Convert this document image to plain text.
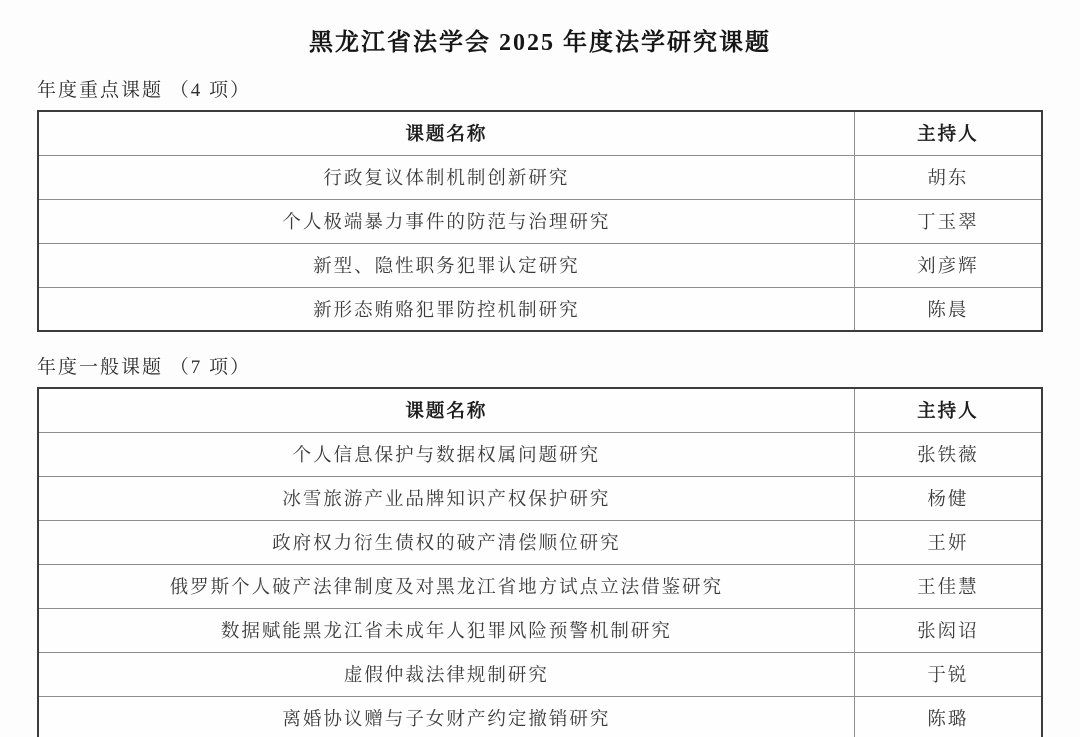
黑龙江省法学会 2025 年度法学研究课题
年度重点课题 （4 项）
课题名称	主持人
行政复议体制机制创新研究	胡东
个人极端暴力事件的防范与治理研究	丁玉翠
新型、隐性职务犯罪认定研究	刘彦辉
新形态贿赂犯罪防控机制研究	陈晨
年度一般课题 （7 项）
课题名称	主持人
个人信息保护与数据权属问题研究	张铁薇
冰雪旅游产业品牌知识产权保护研究	杨健
政府权力衍生债权的破产清偿顺位研究	王妍
俄罗斯个人破产法律制度及对黑龙江省地方试点立法借鉴研究	王佳慧
数据赋能黑龙江省未成年人犯罪风险预警机制研究	张闳诏
虚假仲裁法律规制研究	于锐
离婚协议赠与子女财产约定撤销研究	陈璐
